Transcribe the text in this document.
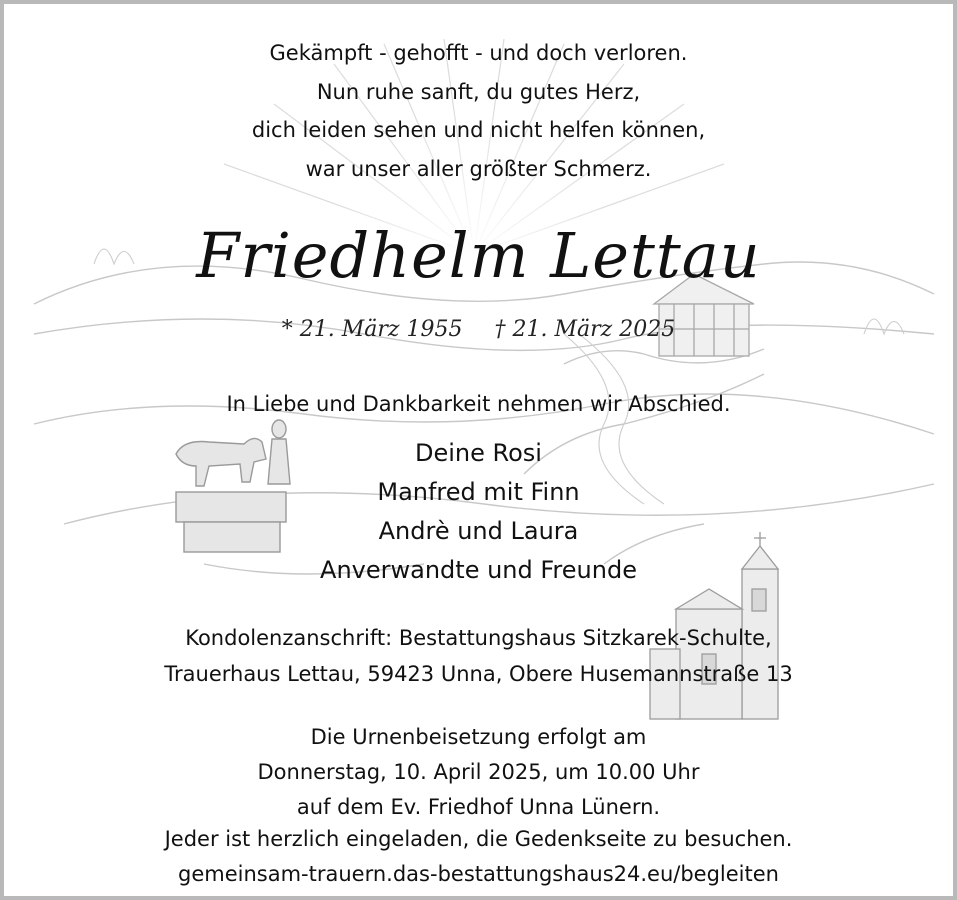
Gekämpft - gehofft - und doch verloren.
Nun ruhe sanft, du gutes Herz,
dich leiden sehen und nicht helfen können,
war unser aller größter Schmerz.
Friedhelm Lettau
* 21. März 1955 † 21. März 2025
In Liebe und Dankbarkeit nehmen wir Abschied.
Deine Rosi
Manfred mit Finn
Andrè und Laura
Anverwandte und Freunde
Kondolenzanschrift: Bestattungshaus Sitzkarek-Schulte,
Trauerhaus Lettau, 59423 Unna, Obere Husemannstraße 13
Die Urnenbeisetzung erfolgt am
Donnerstag, 10. April 2025, um 10.00 Uhr
auf dem Ev. Friedhof Unna Lünern.
Jeder ist herzlich eingeladen, die Gedenkseite zu besuchen.
gemeinsam-trauern.das-bestattungshaus24.eu/begleiten
